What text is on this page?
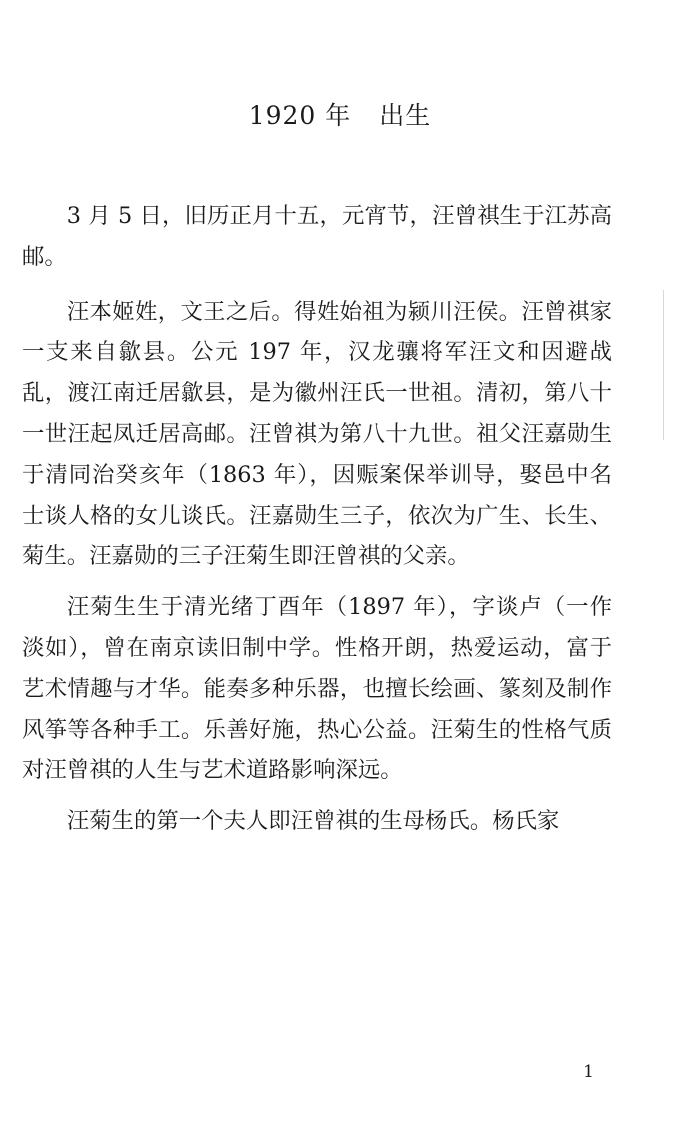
1920 年 出生

3 月 5 日，旧历正月十五，元宵节，汪曾祺生于江苏高邮。

汪本姬姓，文王之后。得姓始祖为颍川汪侯。汪曾祺家一支来自歙县。公元 197 年，汉龙骧将军汪文和因避战乱，渡江南迁居歙县，是为徽州汪氏一世祖。清初，第八十一世汪起凤迁居高邮。汪曾祺为第八十九世。祖父汪嘉勋生于清同治癸亥年（1863 年），因赈案保举训导，娶邑中名士谈人格的女儿谈氏。汪嘉勋生三子，依次为广生、长生、菊生。汪嘉勋的三子汪菊生即汪曾祺的父亲。

汪菊生生于清光绪丁酉年（1897 年），字谈卢（一作淡如），曾在南京读旧制中学。性格开朗，热爱运动，富于艺术情趣与才华。能奏多种乐器，也擅长绘画、篆刻及制作风筝等各种手工。乐善好施，热心公益。汪菊生的性格气质对汪曾祺的人生与艺术道路影响深远。

汪菊生的第一个夫人即汪曾祺的生母杨氏。杨氏家

1
